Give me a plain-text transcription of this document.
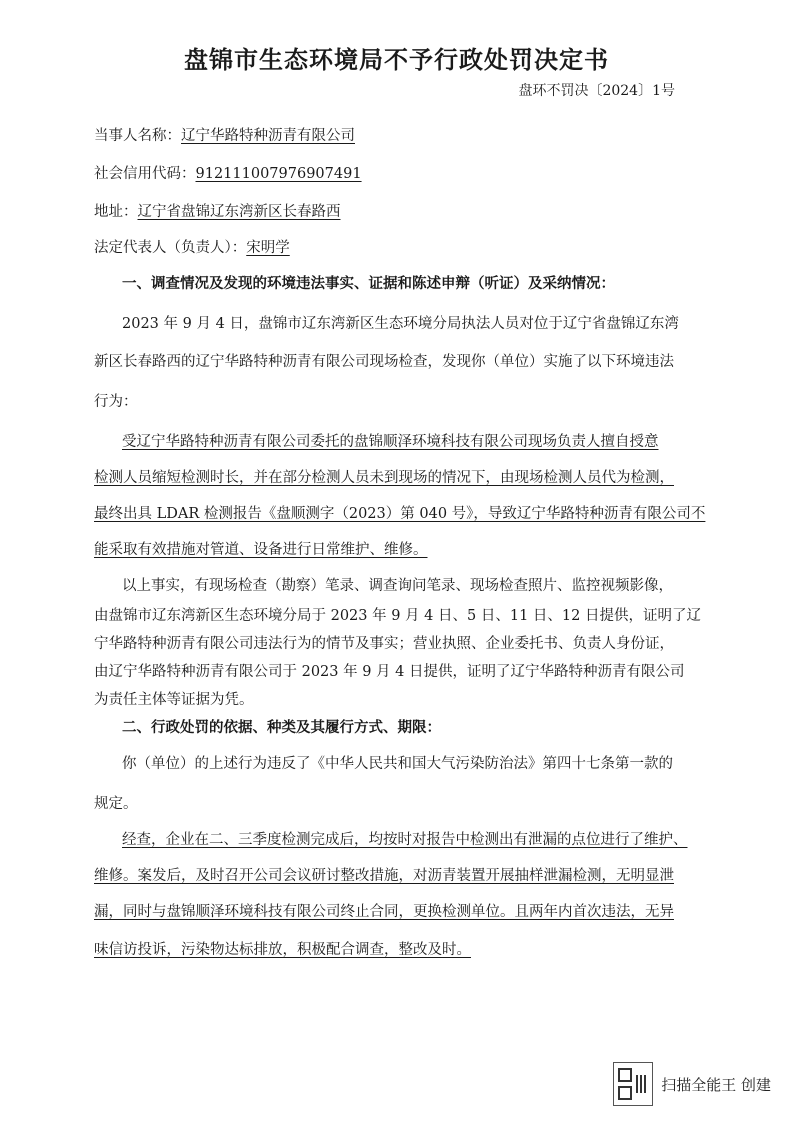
盘锦市生态环境局不予行政处罚决定书
盘环不罚决〔2024〕1号
当事人名称：辽宁华路特种沥青有限公司
社会信用代码：912111007976907491
地址：辽宁省盘锦辽东湾新区长春路西
法定代表人（负责人）：宋明学
一、调查情况及发现的环境违法事实、证据和陈述申辩（听证）及采纳情况：
2023 年 9 月 4 日，盘锦市辽东湾新区生态环境分局执法人员对位于辽宁省盘锦辽东湾
新区长春路西的辽宁华路特种沥青有限公司现场检查，发现你（单位）实施了以下环境违法
行为：
受辽宁华路特种沥青有限公司委托的盘锦顺泽环境科技有限公司现场负责人擅自授意
检测人员缩短检测时长，并在部分检测人员未到现场的情况下，由现场检测人员代为检测，
最终出具 LDAR 检测报告《盘顺测字（2023）第 040 号》，导致辽宁华路特种沥青有限公司不
能采取有效措施对管道、设备进行日常维护、维修。
以上事实，有现场检查（勘察）笔录、调查询问笔录、现场检查照片、监控视频影像，
由盘锦市辽东湾新区生态环境分局于 2023 年 9 月 4 日、5 日、11 日、12 日提供，证明了辽
宁华路特种沥青有限公司违法行为的情节及事实；营业执照、企业委托书、负责人身份证，
由辽宁华路特种沥青有限公司于 2023 年 9 月 4 日提供，证明了辽宁华路特种沥青有限公司
为责任主体等证据为凭。
二、行政处罚的依据、种类及其履行方式、期限：
你（单位）的上述行为违反了《中华人民共和国大气污染防治法》第四十七条第一款的
规定。
经查，企业在二、三季度检测完成后，均按时对报告中检测出有泄漏的点位进行了维护、
维修。案发后，及时召开公司会议研讨整改措施，对沥青装置开展抽样泄漏检测，无明显泄
漏，同时与盘锦顺泽环境科技有限公司终止合同，更换检测单位。且两年内首次违法，无异
味信访投诉，污染物达标排放，积极配合调查，整改及时。
扫描全能王 创建
